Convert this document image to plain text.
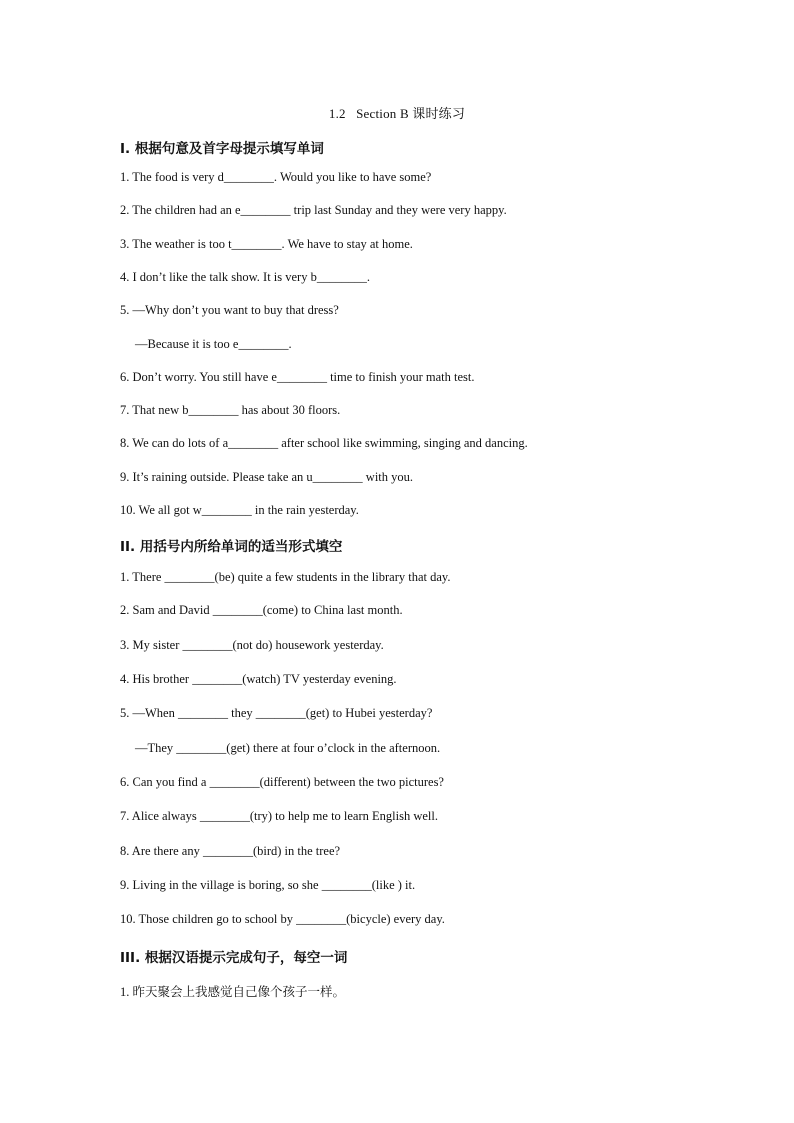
1.2   Section B 课时练习
I. 根据句意及首字母提示填写单词
1. The food is very d________. Would you like to have some?
2. The children had an e________ trip last Sunday and they were very happy.
3. The weather is too t________. We have to stay at home.
4. I don’t like the talk show. It is very b________.
5. —Why don’t you want to buy that dress?
—Because it is too e________.
6. Don’t worry. You still have e________ time to finish your math test.
7. That new b________ has about 30 floors.
8. We can do lots of a________ after school like swimming, singing and dancing.
9. It’s raining outside. Please take an u________ with you.
10. We all got w________ in the rain yesterday.
II. 用括号内所给单词的适当形式填空
1. There ________(be) quite a few students in the library that day.
2. Sam and David ________(come) to China last month.
3. My sister ________(not do) housework yesterday.
4. His brother ________(watch) TV yesterday evening.
5. —When ________ they ________(get) to Hubei yesterday?
—They ________(get) there at four o’clock in the afternoon.
6. Can you find a ________(different) between the two pictures?
7. Alice always ________(try) to help me to learn English well.
8. Are there any ________(bird) in the tree?
9. Living in the village is boring, so she ________(like ) it.
10. Those children go to school by ________(bicycle) every day.
III. 根据汉语提示完成句子，每空一词
1. 昨天聚会上我感觉自己像个孩子一样。
